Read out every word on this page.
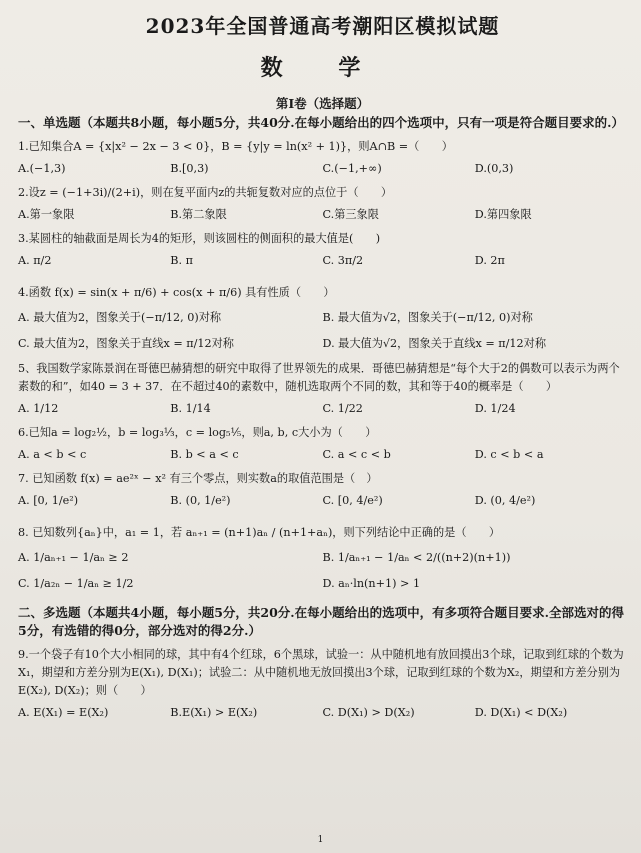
2023年全国普通高考潮阳区模拟试题
数 学
第Ⅰ卷（选择题）
一、单选题（本题共8小题，每小题5分，共40分.在每小题给出的四个选项中，只有一项是符合题目要求的.）
1.已知集合A = {x|x² − 2x − 3 < 0}，B = {y|y = ln(x² + 1)}，则A∩B =（　　）
A.(−1,3)	B.[0,3)	C.(−1,+∞)	D.(0,3)
2.设z = (−1+3i)/(2+i)，则在复平面内z的共轭复数对应的点位于（　　）
A.第一象限	B.第二象限	C.第三象限	D.第四象限
3.某圆柱的轴截面是周长为4的矩形，则该圆柱的侧面积的最大值是(　　)
A. π/2	B. π	C. 3π/2	D. 2π
4.函数 f(x) = sin(x + π/6) + cos(x + π/6) 具有性质（　　）
A. 最大值为2，图象关于(−π/12, 0)对称	B. 最大值为√2，图象关于(−π/12, 0)对称
C. 最大值为2，图象关于直线x = π/12对称	D. 最大值为√2，图象关于直线x = π/12对称
5、我国数学家陈景润在哥德巴赫猜想的研究中取得了世界领先的成果．哥德巴赫猜想是“每个大于2的偶数可以表示为两个素数的和”，如40 = 3 + 37．在不超过40的素数中，随机选取两个不同的数，其和等于40的概率是（　　）
A. 1/12	B. 1/14	C. 1/22	D. 1/24
6.已知a = log₂½，b = log₃⅓，c = log₅⅕，则a, b, c大小为（　　）
A. a < b < c	B. b < a < c	C. a < c < b	D. c < b < a
7. 已知函数 f(x) = ae²ˣ − x² 有三个零点，则实数a的取值范围是（　）
A. [0, 1/e²)	B. (0, 1/e²)	C. [0, 4/e²)	D. (0, 4/e²)
8. 已知数列{aₙ}中，a₁ = 1，若 aₙ₊₁ = (n+1)aₙ / (n+1+aₙ)，则下列结论中正确的是（　　）
A. 1/aₙ₊₁ − 1/aₙ ≥ 2	B. 1/aₙ₊₁ − 1/aₙ < 2/((n+2)(n+1))
C. 1/a₂ₙ − 1/aₙ ≥ 1/2	D. aₙ·ln(n+1) > 1
二、多选题（本题共4小题，每小题5分，共20分.在每小题给出的选项中，有多项符合题目要求.全部选对的得5分，有选错的得0分，部分选对的得2分.）
9.一个袋子有10个大小相同的球，其中有4个红球，6个黑球，试验一：从中随机地有放回摸出3个球，记取到红球的个数为X₁，期望和方差分别为E(X₁), D(X₁)；试验二：从中随机地无放回摸出3个球，记取到红球的个数为X₂，期望和方差分别为E(X₂), D(X₂)；则（　　）
A. E(X₁) = E(X₂)	B.E(X₁) > E(X₂)	C. D(X₁) > D(X₂)	D. D(X₁) < D(X₂)
1
